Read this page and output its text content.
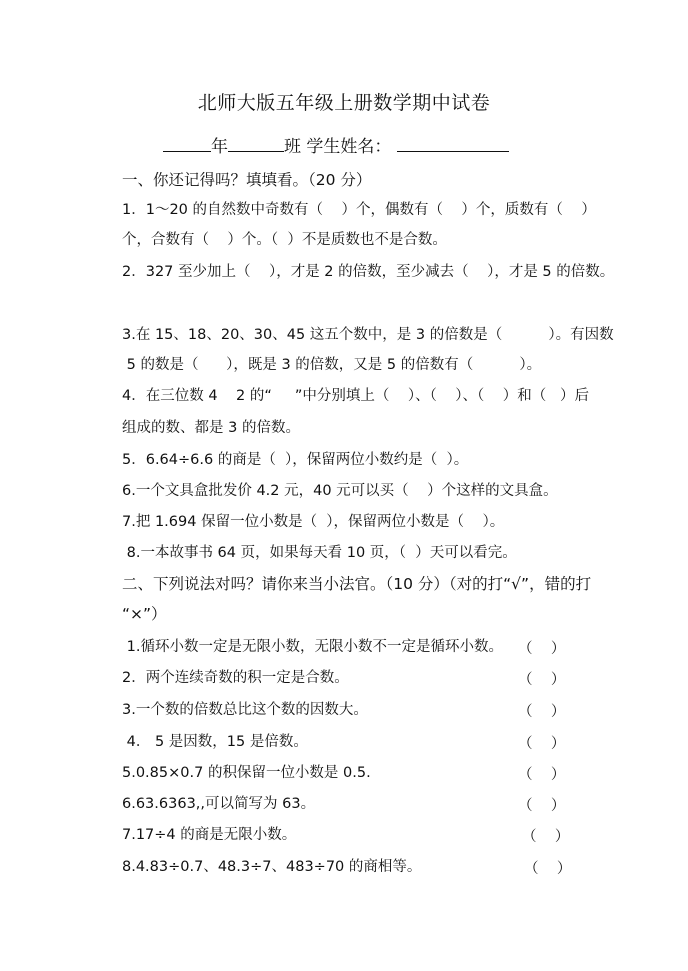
北师大版五年级上册数学期中试卷
年	班 学生姓名：
一、你还记得吗？填填看。（20 分）
1．1～20 的自然数中奇数有（    ）个，偶数有（    ）个，质数有（    ）
个，合数有（    ）个。（  ）不是质数也不是合数。
2．327 至少加上（    ），才是 2 的倍数，至少减去（    ），才是 5 的倍数。
3.在 15、18、20、30、45 这五个数中，是 3 的倍数是（          ）。有因数
5 的数是（      ），既是 3 的倍数，又是 5 的倍数有（          ）。
4．在三位数 4    2 的“     ”中分别填上（    ）、（    ）、（    ）和（   ）后
组成的数、都是 3 的倍数。
5．6.64÷6.6 的商是（  ），保留两位小数约是（  ）。
6.一个文具盒批发价 4.2 元，40 元可以买（    ）个这样的文具盒。
7.把 1.694 保留一位小数是（  ），保留两位小数是（    ）。
8.一本故事书 64 页，如果每天看 10 页，（  ）天可以看完。
二、下列说法对吗？请你来当小法官。（10 分）（对的打“√”，错的打
“×”）
1.循环小数一定是无限小数，无限小数不一定是循环小数。 （    ）
2．两个连续奇数的积一定是合数。	（    ）
3.一个数的倍数总比这个数的因数大。	（    ）
4． 5 是因数，15 是倍数。	（    ）
5.0.85×0.7 的积保留一位小数是 0.5.	（    ）
6.63.6363,,可以简写为 63。	（    ）
7.17÷4 的商是无限小数。	（    ）
8.4.83÷0.7、48.3÷7、483÷70 的商相等。	（    ）
